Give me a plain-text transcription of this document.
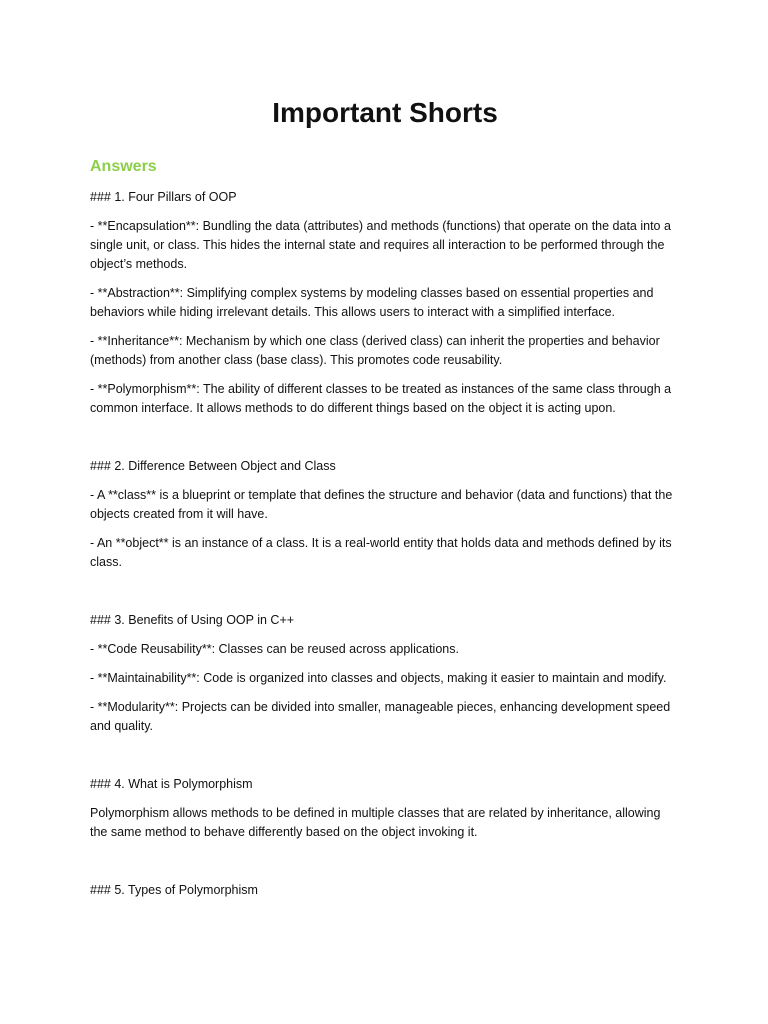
Important Shorts
Answers
### 1. Four Pillars of OOP
- **Encapsulation**: Bundling the data (attributes) and methods (functions) that operate on the data into a single unit, or class. This hides the internal state and requires all interaction to be performed through the object’s methods.
- **Abstraction**: Simplifying complex systems by modeling classes based on essential properties and behaviors while hiding irrelevant details. This allows users to interact with a simplified interface.
- **Inheritance**: Mechanism by which one class (derived class) can inherit the properties and behavior (methods) from another class (base class). This promotes code reusability.
- **Polymorphism**: The ability of different classes to be treated as instances of the same class through a common interface. It allows methods to do different things based on the object it is acting upon.
### 2. Difference Between Object and Class
- A **class** is a blueprint or template that defines the structure and behavior (data and functions) that the objects created from it will have.
- An **object** is an instance of a class. It is a real-world entity that holds data and methods defined by its class.
### 3. Benefits of Using OOP in C++
- **Code Reusability**: Classes can be reused across applications.
- **Maintainability**: Code is organized into classes and objects, making it easier to maintain and modify.
- **Modularity**: Projects can be divided into smaller, manageable pieces, enhancing development speed and quality.
### 4. What is Polymorphism
Polymorphism allows methods to be defined in multiple classes that are related by inheritance, allowing the same method to behave differently based on the object invoking it.
### 5. Types of Polymorphism
